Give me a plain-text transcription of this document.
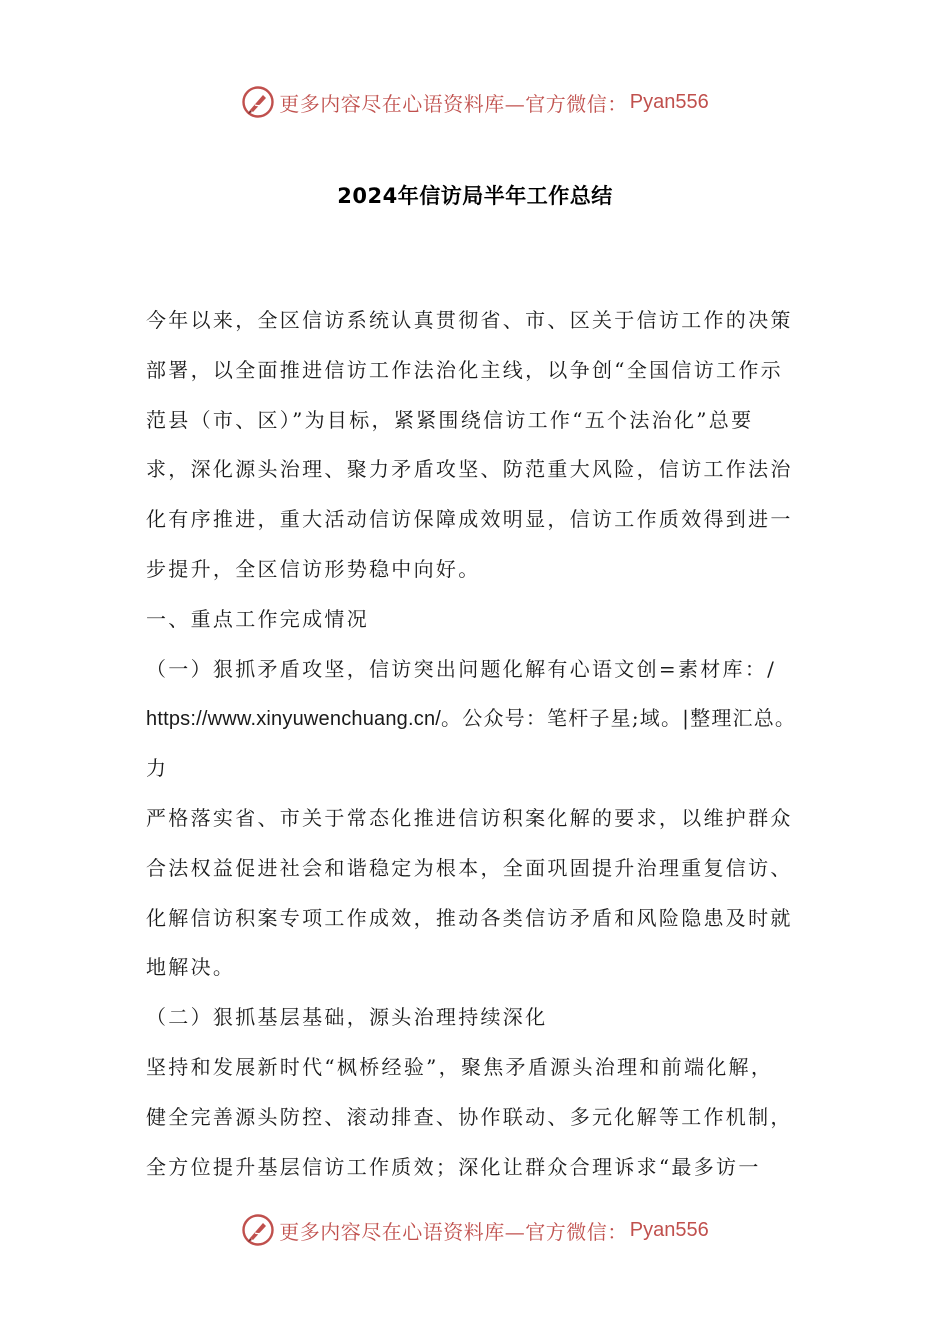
更多内容尽在心语资料库—官方微信： Pyan556
2024年信访局半年工作总结
今年以来，全区信访系统认真贯彻省、市、区关于信访工作的决策
部署，以全面推进信访工作法治化主线，以争创“全国信访工作示
范县（市、区）”为目标，紧紧围绕信访工作“五个法治化”总要
求，深化源头治理、聚力矛盾攻坚、防范重大风险，信访工作法治
化有序推进，重大活动信访保障成效明显，信访工作质效得到进一
步提升，全区信访形势稳中向好。
一、重点工作完成情况
（一）狠抓矛盾攻坚，信访突出问题化解有心语文创=素材库：/
https://www.xinyuwenchuang.cn/。公众号：笔杆子星;域。|整理汇总。
力
严格落实省、市关于常态化推进信访积案化解的要求，以维护群众
合法权益促进社会和谐稳定为根本，全面巩固提升治理重复信访、
化解信访积案专项工作成效，推动各类信访矛盾和风险隐患及时就
地解决。
（二）狠抓基层基础，源头治理持续深化
坚持和发展新时代“枫桥经验”，聚焦矛盾源头治理和前端化解，
健全完善源头防控、滚动排查、协作联动、多元化解等工作机制，
全方位提升基层信访工作质效；深化让群众合理诉求“最多访一
更多内容尽在心语资料库—官方微信： Pyan556
